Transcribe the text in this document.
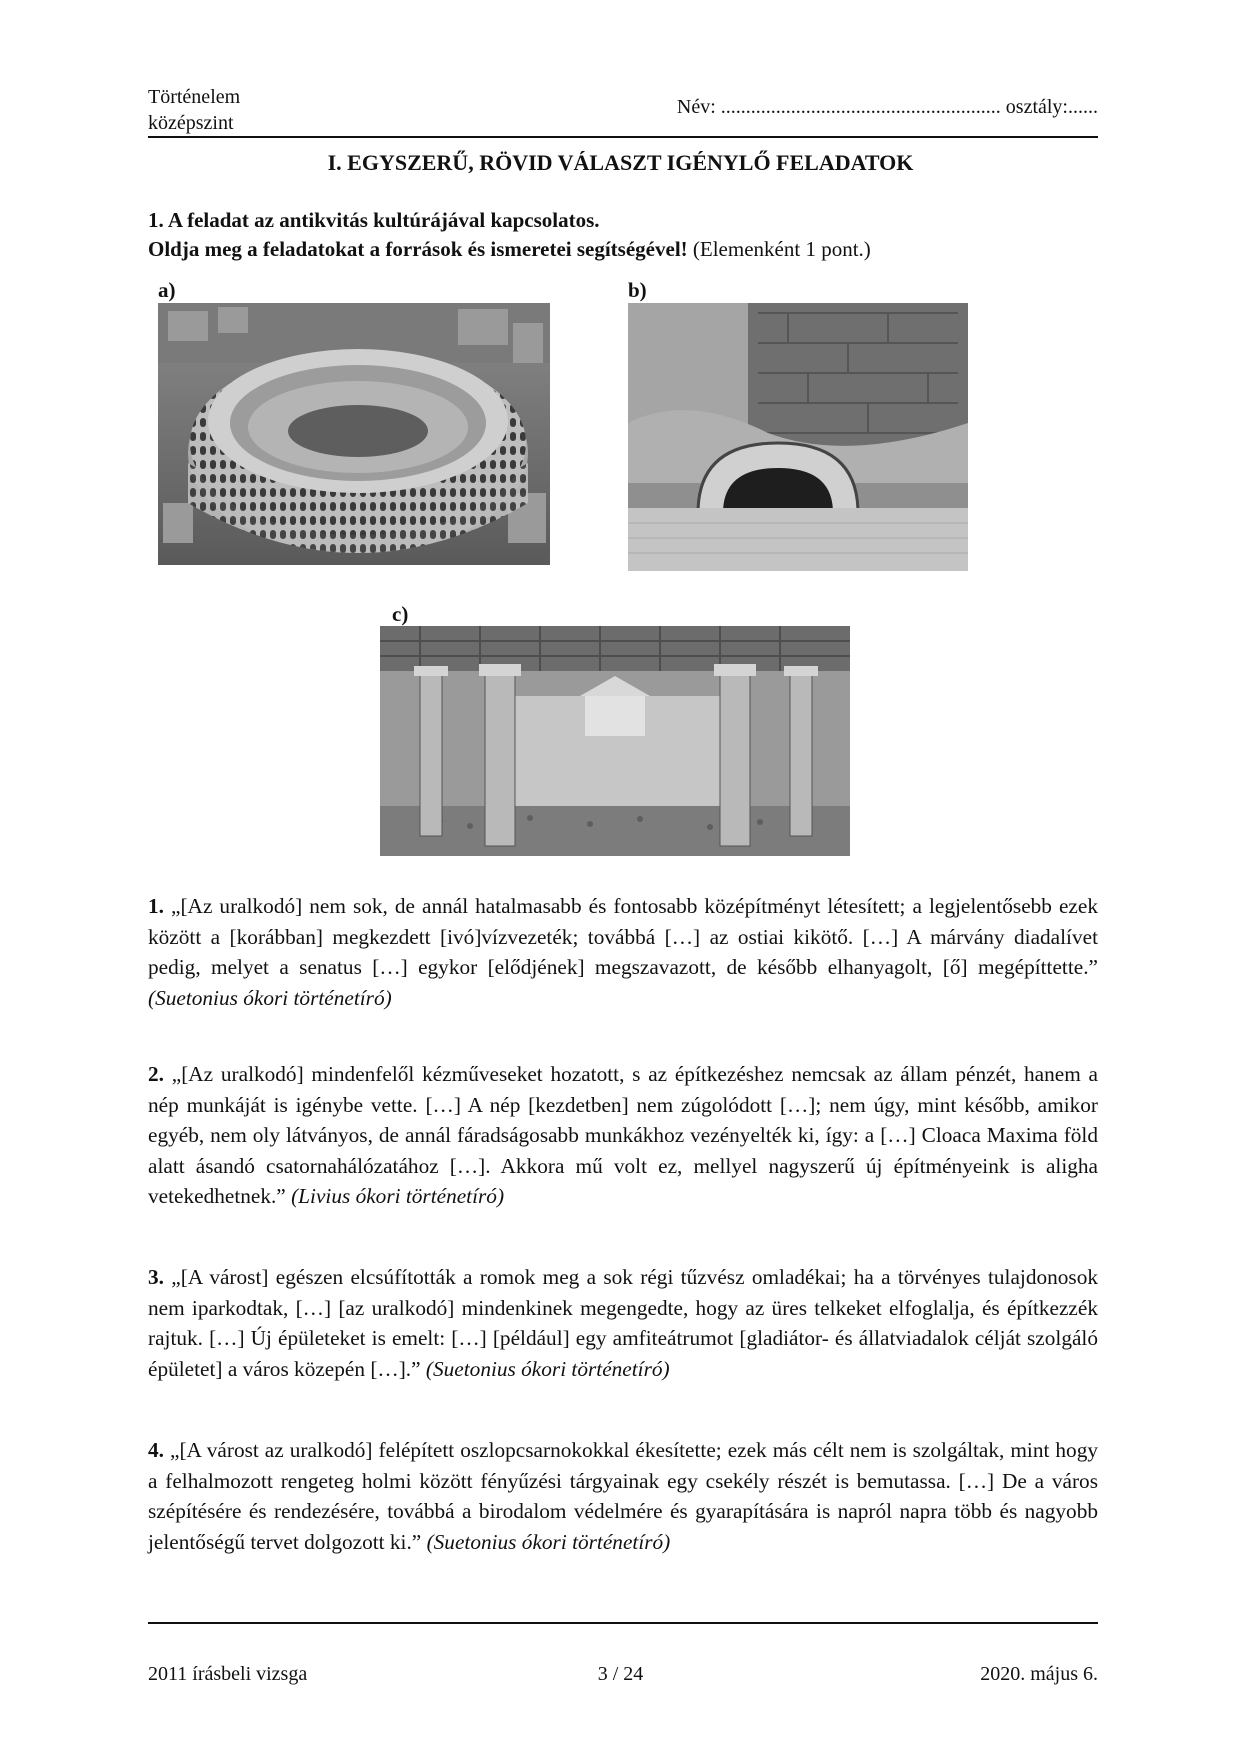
Történelem
középszint
Név: ........................................................ osztály:......
I. EGYSZERŰ, RÖVID VÁLASZT IGÉNYLŐ FELADATOK
1. A feladat az antikvitás kultúrájával kapcsolatos.
Oldja meg a feladatokat a források és ismeretei segítségével! (Elemenként 1 pont.)
a)	b)
c)
1. „[Az uralkodó] nem sok, de annál hatalmasabb és fontosabb középítményt létesített; a legjelentősebb ezek között a [korábban] megkezdett [ivó]vízvezeték; továbbá […] az ostiai kikötő. […] A márvány diadalívet pedig, melyet a senatus […] egykor [elődjének] megszavazott, de később elhanyagolt, [ő] megépíttette.” (Suetonius ókori történetíró)
2. „[Az uralkodó] mindenfelől kézműveseket hozatott, s az építkezéshez nemcsak az állam pénzét, hanem a nép munkáját is igénybe vette. […] A nép [kezdetben] nem zúgolódott […]; nem úgy, mint később, amikor egyéb, nem oly látványos, de annál fáradságosabb munkákhoz vezényelték ki, így: a […] Cloaca Maxima föld alatt ásandó csatornahálózatához […]. Akkora mű volt ez, mellyel nagyszerű új építményeink is aligha vetekedhetnek.” (Livius ókori történetíró)
3. „[A várost] egészen elcsúfították a romok meg a sok régi tűzvész omladékai; ha a törvényes tulajdonosok nem iparkodtak, […] [az uralkodó] mindenkinek megengedte, hogy az üres telkeket elfoglalja, és építkezzék rajtuk. […] Új épületeket is emelt: […] [például] egy amfiteátrumot [gladiátor- és állatviadalok célját szolgáló épületet] a város közepén […].” (Suetonius ókori történetíró)
4. „[A várost az uralkodó] felépített oszlopcsarnokokkal ékesítette; ezek más célt nem is szolgáltak, mint hogy a felhalmozott rengeteg holmi között fényűzési tárgyainak egy csekély részét is bemutassa. […] De a város szépítésére és rendezésére, továbbá a birodalom védelmére és gyarapítására is napról napra több és nagyobb jelentőségű tervet dolgozott ki.” (Suetonius ókori történetíró)
2011 írásbeli vizsga	3 / 24	2020. május 6.
